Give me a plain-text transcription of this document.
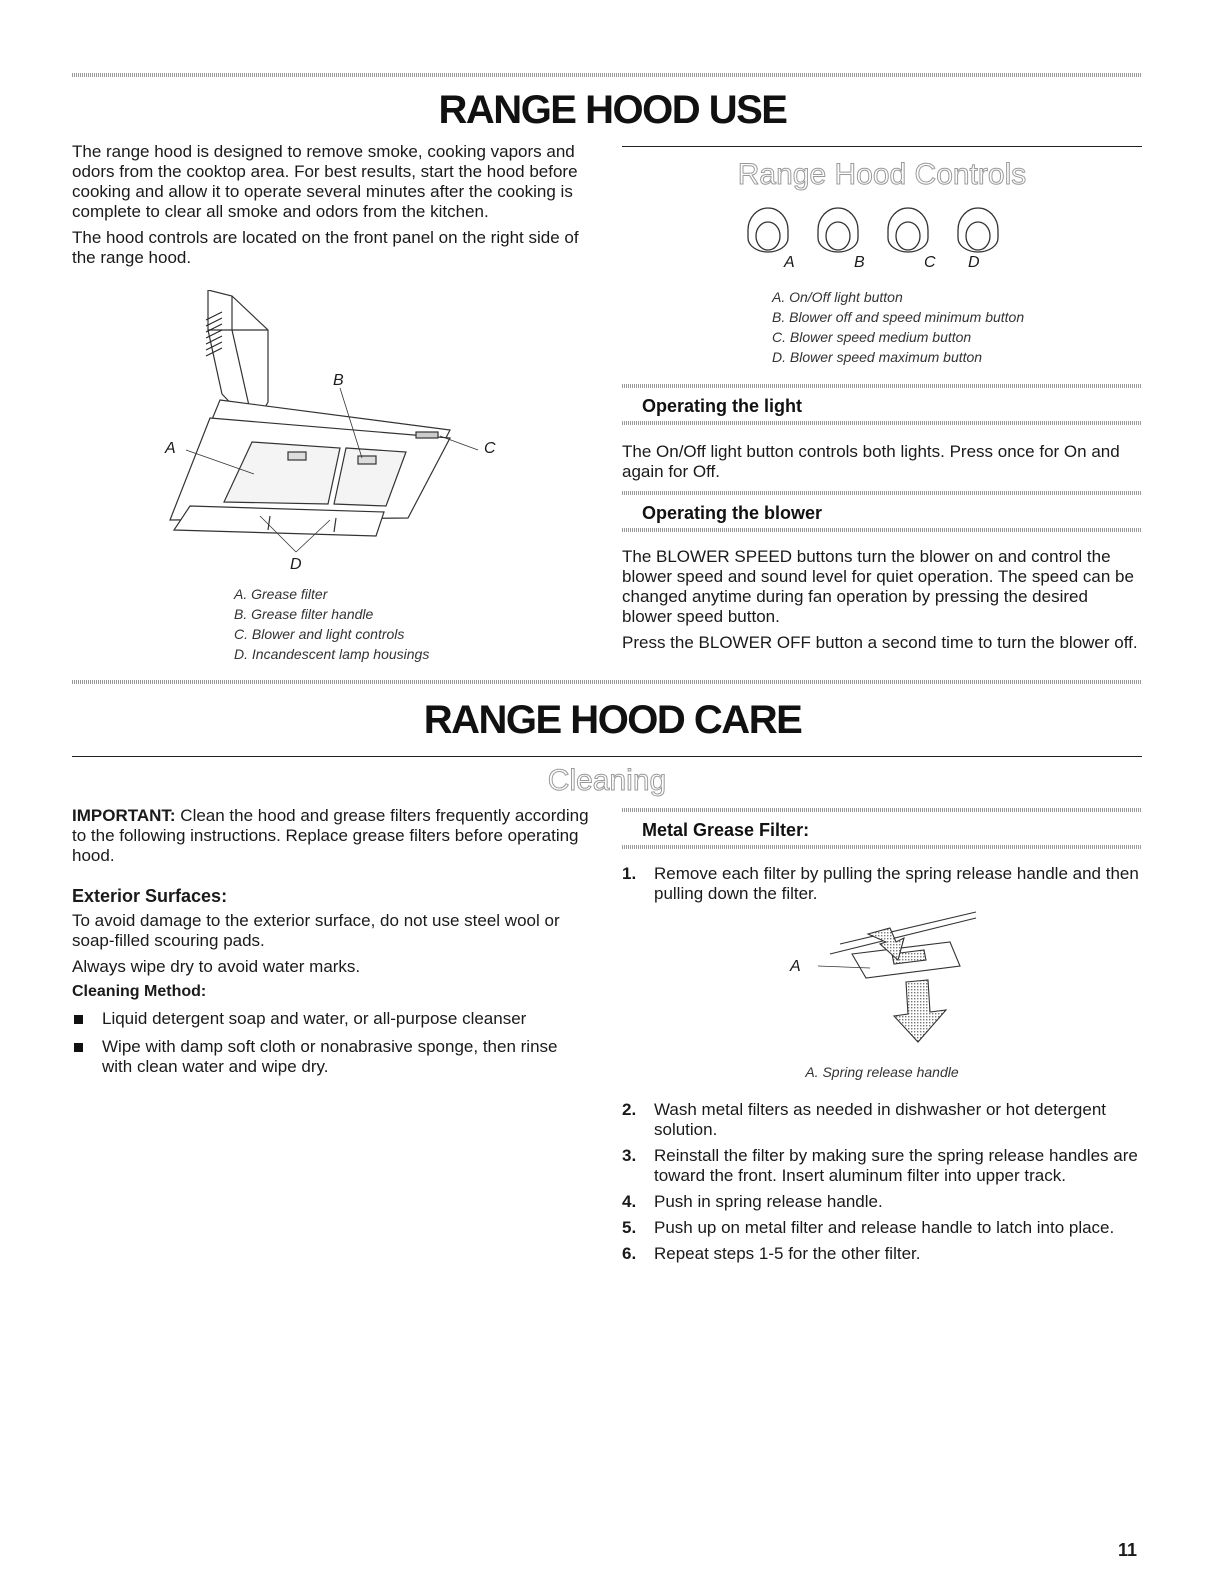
RANGE HOOD USE

The range hood is designed to remove smoke, cooking vapors and odors from the cooktop area. For best results, start the hood before cooking and allow it to operate several minutes after the cooking is complete to clear all smoke and odors from the kitchen.

The hood controls are located on the front panel on the right side of the range hood.

A
B
C
D

A. Grease filter

B. Grease filter handle

C. Blower and light controls

D. Incandescent lamp housings

Range Hood Controls
A	B	C D

A. On/Off light button

B. Blower off and speed minimum button

C. Blower speed medium button

D. Blower speed maximum button

Operating the light

The On/Off light button controls both lights. Press once for On and again for Off.

Operating the blower

The BLOWER SPEED buttons turn the blower on and control the blower speed and sound level for quiet operation. The speed can be changed anytime during fan operation by pressing the desired blower speed button.

Press the BLOWER OFF button a second time to turn the blower off.

RANGE HOOD CARE
Cleaning

IMPORTANT: Clean the hood and grease filters frequently according to the following instructions. Replace grease filters before operating hood.

Exterior Surfaces:

To avoid damage to the exterior surface, do not use steel wool or soap-filled scouring pads.

Always wipe dry to avoid water marks.

Cleaning Method:

Liquid detergent soap and water, or all-purpose cleanser
Wipe with damp soft cloth or nonabrasive sponge, then rinse with clean water and wipe dry.
Metal Grease Filter:
1. Remove each filter by pulling the spring release handle and then pulling down the filter.
A

A. Spring release handle

2. Wash metal filters as needed in dishwasher or hot detergent solution.
3. Reinstall the filter by making sure the spring release handles are toward the front. Insert aluminum filter into upper track.
4. Push in spring release handle.
5. Push up on metal filter and release handle to latch into place.
6. Repeat steps 1-5 for the other filter.
11
